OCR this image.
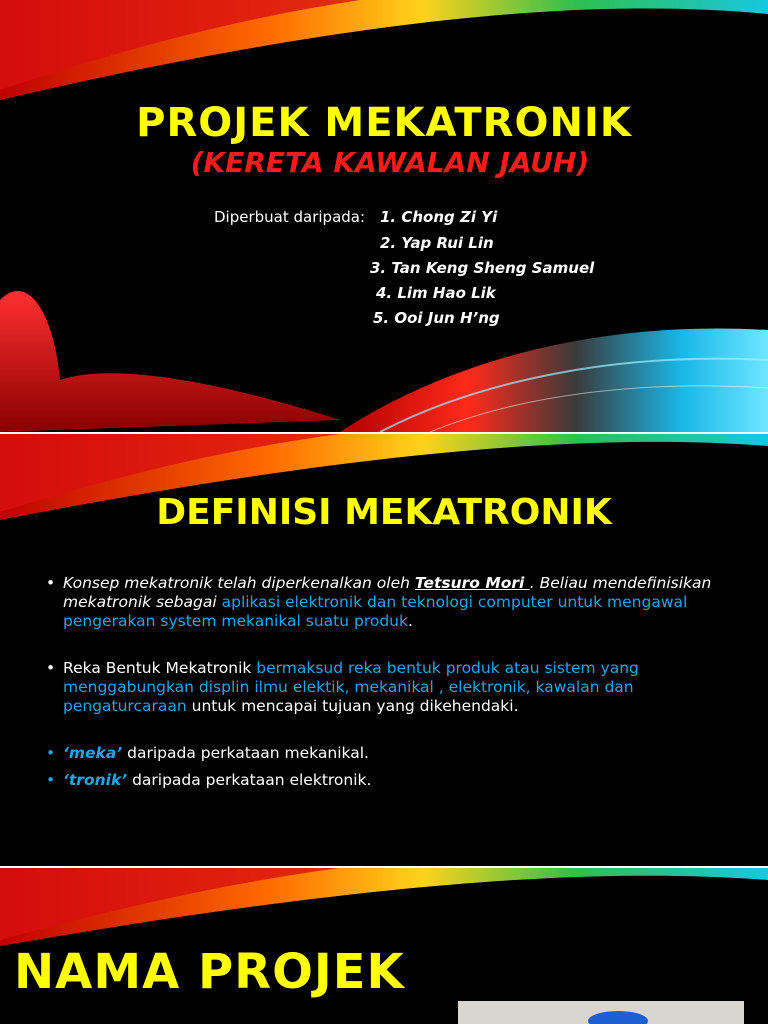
PROJEK MEKATRONIK
(KERETA KAWALAN JAUH)
Diperbuat daripada: 1. Chong Zi Yi
2. Yap Rui Lin
3. Tan Keng Sheng Samuel
4. Lim Hao Lik
5. Ooi Jun H’ng
DEFINISI MEKATRONIK
• Konsep mekatronik telah diperkenalkan oleh Tetsuro Mori . Beliau mendefinisikan mekatronik sebagai aplikasi elektronik dan teknologi computer untuk mengawal pengerakan system mekanikal suatu produk.
• Reka Bentuk Mekatronik bermaksud reka bentuk produk atau sistem yang menggabungkan displin ilmu elektik, mekanikal , elektronik, kawalan dan pengaturcaraan untuk mencapai tujuan yang dikehendaki.
• ‘meka’ daripada perkataan mekanikal.
• ‘tronik’ daripada perkataan elektronik.
NAMA PROJEK
